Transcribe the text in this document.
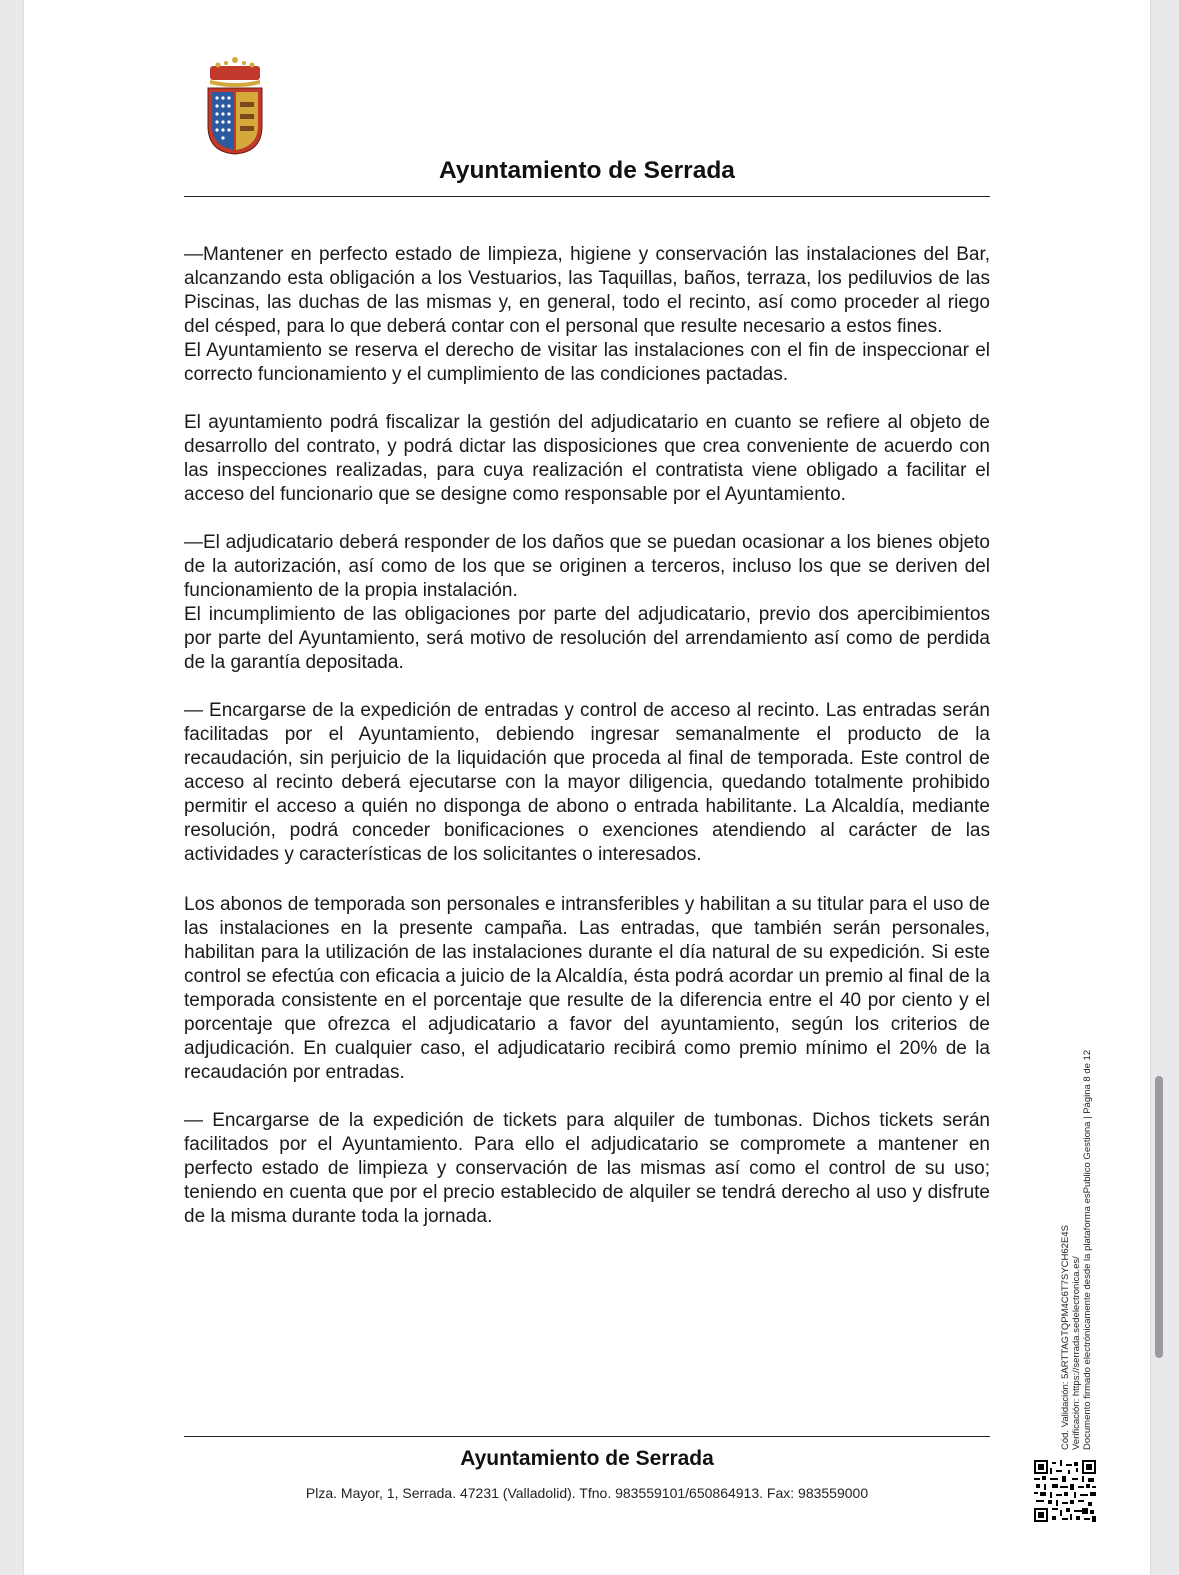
Ayuntamiento de Serrada

—Mantener en perfecto estado de limpieza, higiene y conservación las instalaciones del Bar, alcanzando esta obligación a los Vestuarios, las Taquillas, baños, terraza, los pediluvios de las Piscinas, las duchas de las mismas y, en general, todo el recinto, así como proceder al riego del césped, para lo que deberá contar con el personal que resulte necesario a estos fines.

El Ayuntamiento se reserva el derecho de visitar las instalaciones con el fin de inspeccionar el correcto funcionamiento y el cumplimiento de las condiciones pactadas.

El ayuntamiento podrá fiscalizar la gestión del adjudicatario en cuanto se refiere al objeto de desarrollo del contrato, y podrá dictar las disposiciones que crea conveniente de acuerdo con las inspecciones realizadas, para cuya realización el contratista viene obligado a facilitar el acceso del funcionario que se designe como responsable por el Ayuntamiento.

—El adjudicatario deberá responder de los daños que se puedan ocasionar a los bienes objeto de la autorización, así como de los que se originen a terceros, incluso los que se deriven del funcionamiento de la propia instalación.

El incumplimiento de las obligaciones por parte del adjudicatario, previo dos apercibimientos por parte del Ayuntamiento, será motivo de resolución del arrendamiento así como de perdida de la garantía depositada.

— Encargarse de la expedición de entradas y control de acceso al recinto. Las entradas serán facilitadas por el Ayuntamiento, debiendo ingresar semanalmente el producto de la recaudación, sin perjuicio de la liquidación que proceda al final de temporada. Este control de acceso al recinto deberá ejecutarse con la mayor diligencia, quedando totalmente prohibido permitir el acceso a quién no disponga de abono o entrada habilitante. La Alcaldía, mediante resolución, podrá conceder bonificaciones o exenciones atendiendo al carácter de las actividades y características de los solicitantes o interesados.

Los abonos de temporada son personales e intransferibles y habilitan a su titular para el uso de las instalaciones en la presente campaña. Las entradas, que también serán personales, habilitan para la utilización de las instalaciones durante el día natural de su expedición. Si este control se efectúa con eficacia a juicio de la Alcaldía, ésta podrá acordar un premio al final de la temporada consistente en el porcentaje que resulte de la diferencia entre el 40 por ciento y el porcentaje que ofrezca el adjudicatario a favor del ayuntamiento, según los criterios de adjudicación. En cualquier caso, el adjudicatario recibirá como premio mínimo el 20% de la recaudación por entradas.

— Encargarse de la expedición de tickets para alquiler de tumbonas. Dichos tickets serán facilitados por el Ayuntamiento. Para ello el adjudicatario se compromete a mantener en perfecto estado de limpieza y conservación de las mismas así como el control de su uso; teniendo en cuenta que por el precio establecido de alquiler se tendrá derecho al uso y disfrute de la misma durante toda la jornada.

Ayuntamiento de Serrada
Plza. Mayor, 1, Serrada. 47231 (Valladolid). Tfno. 983559101/650864913. Fax: 983559000
Cód. Validación: 5ARTTAGTQPM4C6T7SYCH62E4S Verificación: https://serrada.sedelectronica.es/ Documento firmado electrónicamente desde la plataforma esPublico Gestiona | Página 8 de 12
